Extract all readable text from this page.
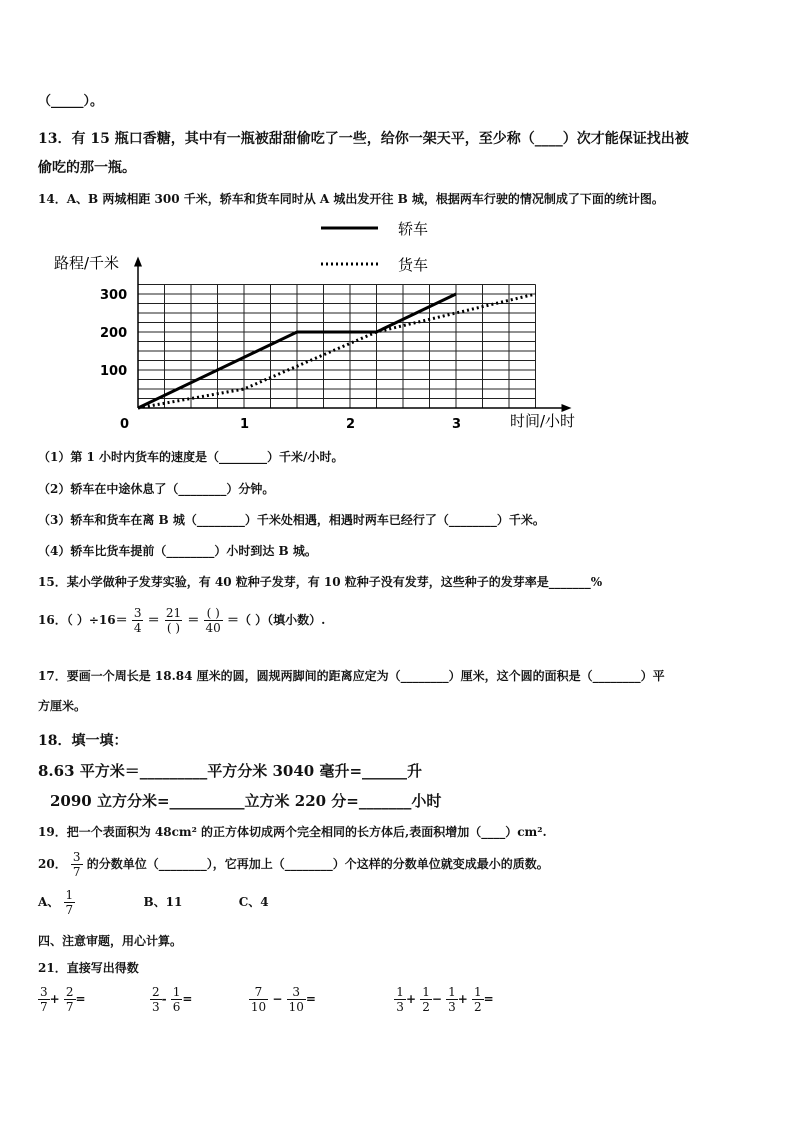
（_____）。
13．有 15 瓶口香糖，其中有一瓶被甜甜偷吃了一些，给你一架天平，至少称（____）次才能保证找出被
偷吃的那一瓶。
14．A、B 两城相距 300 千米，轿车和货车同时从 A 城出发开往 B 城，根据两车行驶的情况制成了下面的统计图。
轿车
货车
0	1	2	3
100
200
300
路程/千米
时间/小时
（1）第 1 小时内货车的速度是（________）千米/小时。
（2）轿车在中途休息了（________）分钟。
（3）轿车和货车在离 B 城（________）千米处相遇，相遇时两车已经行了（________）千米。
（4）轿车比货车提前（________）小时到达 B 城。
15．某小学做种子发芽实验，有 40 粒种子发芽，有 10 粒种子没有发芽，这些种子的发芽率是_______%
16．（ ）$\div 16= \frac{3}{4} = \frac{21}{( )} = \frac{( )}{40}$ ＝（ ）（填小数）.
17．要画一个周长是 18.84 厘米的圆，圆规两脚间的距离应定为（________）厘米，这个圆的面积是（________）平
方厘米。
18．填一填：
8.63 平方米＝_________平方分米 3040 毫升=______升
2090 立方分米=__________立方米 220 分=_______小时
19．把一个表面积为 48cm² 的正方体切成两个完全相同的长方体后,表面积增加（____）cm².
20． $\frac{3}{7}$ 的分数单位（________），它再加上（________）个这样的分数单位就变成最小的质数。
A、 $\frac{1}{7}$	B、11	C、4
四、注意审题，用心计算。
21．直接写出得数
$\frac{3}{7} + \frac{2}{7}$ =	$\frac{2}{3} - \frac{1}{6}$ =	$\frac{7}{10} - \frac{3}{10}$ =	$\frac{1}{3} + \frac{1}{2} - \frac{1}{3} + \frac{1}{2}$ =
